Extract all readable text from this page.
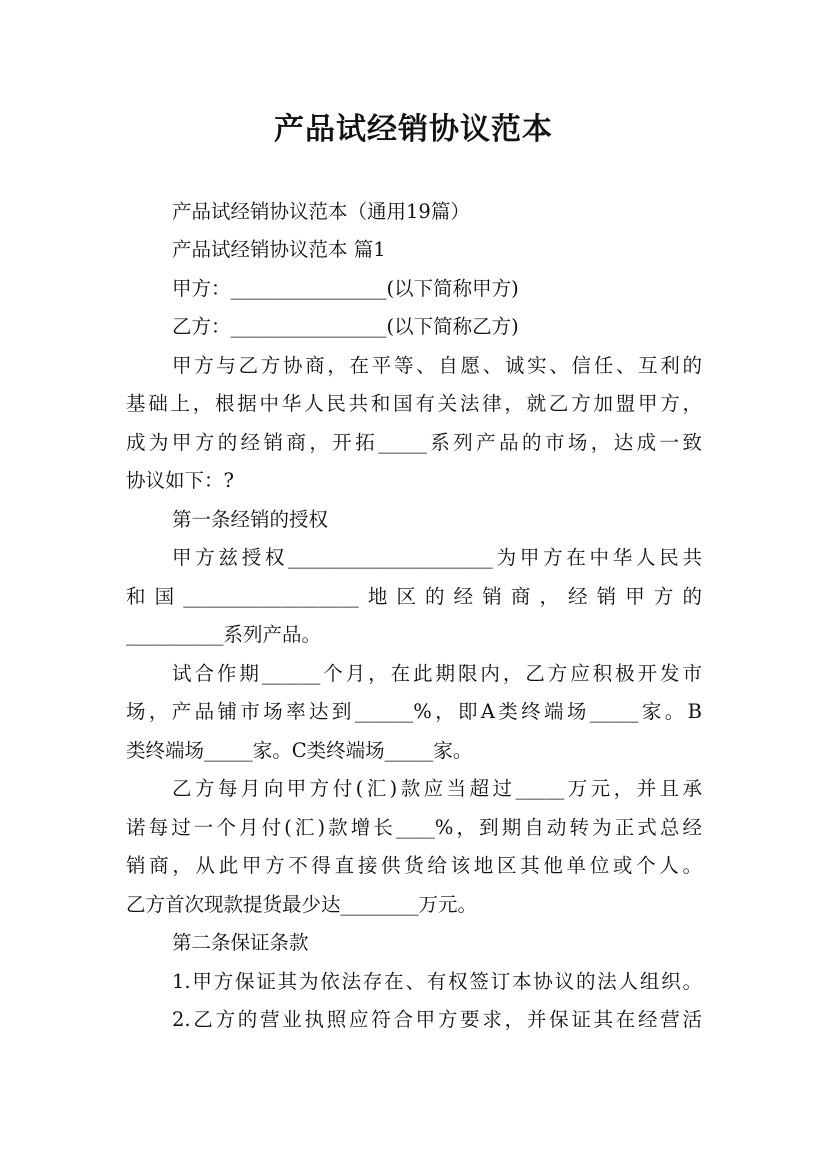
产品试经销协议范本
产品试经销协议范本（通用19篇）
产品试经销协议范本 篇1
甲方：________________(以下简称甲方)
乙方：________________(以下简称乙方)
甲方与乙方协商，在平等、自愿、诚实、信任、互利的
基础上，根据中华人民共和国有关法律，就乙方加盟甲方，
成为甲方的经销商，开拓_____系列产品的市场，达成一致
协议如下：?
第一条经销的授权
甲方兹授权_____________________为甲方在中华人民共
和国__________________地区的经销商，经销甲方的
__________系列产品。
试合作期______个月，在此期限内，乙方应积极开发市
场，产品铺市场率达到______%，即A类终端场_____家。B
类终端场_____家。C类终端场_____家。
乙方每月向甲方付(汇)款应当超过_____万元，并且承
诺每过一个月付(汇)款增长____%，到期自动转为正式总经
销商，从此甲方不得直接供货给该地区其他单位或个人。
乙方首次现款提货最少达________万元。
第二条保证条款
1.甲方保证其为依法存在、有权签订本协议的法人组织。
2.乙方的营业执照应符合甲方要求，并保证其在经营活
